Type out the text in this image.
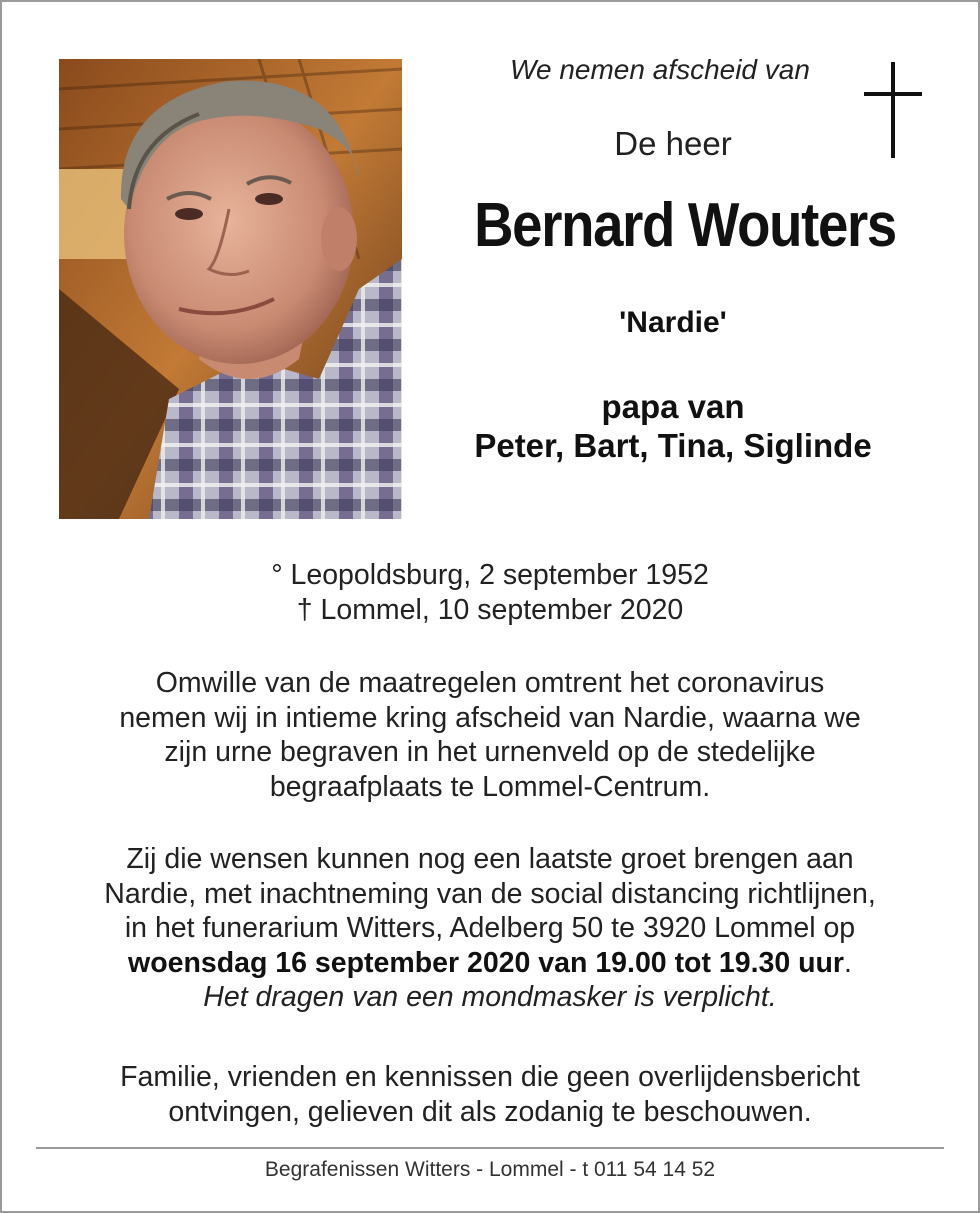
We nemen afscheid van
De heer
Bernard Wouters
'Nardie'
papa van
Peter, Bart, Tina, Siglinde
° Leopoldsburg, 2 september 1952
† Lommel, 10 september 2020
Omwille van de maatregelen omtrent het coronavirus
nemen wij in intieme kring afscheid van Nardie, waarna we
zijn urne begraven in het urnenveld op de stedelijke
begraafplaats te Lommel-Centrum.
Zij die wensen kunnen nog een laatste groet brengen aan
Nardie, met inachtneming van de social distancing richtlijnen,
in het funerarium Witters, Adelberg 50 te 3920 Lommel op
woensdag 16 september 2020 van 19.00 tot 19.30 uur.
Het dragen van een mondmasker is verplicht.
Familie, vrienden en kennissen die geen overlijdensbericht
ontvingen, gelieven dit als zodanig te beschouwen.
Begrafenissen Witters - Lommel - t 011 54 14 52
